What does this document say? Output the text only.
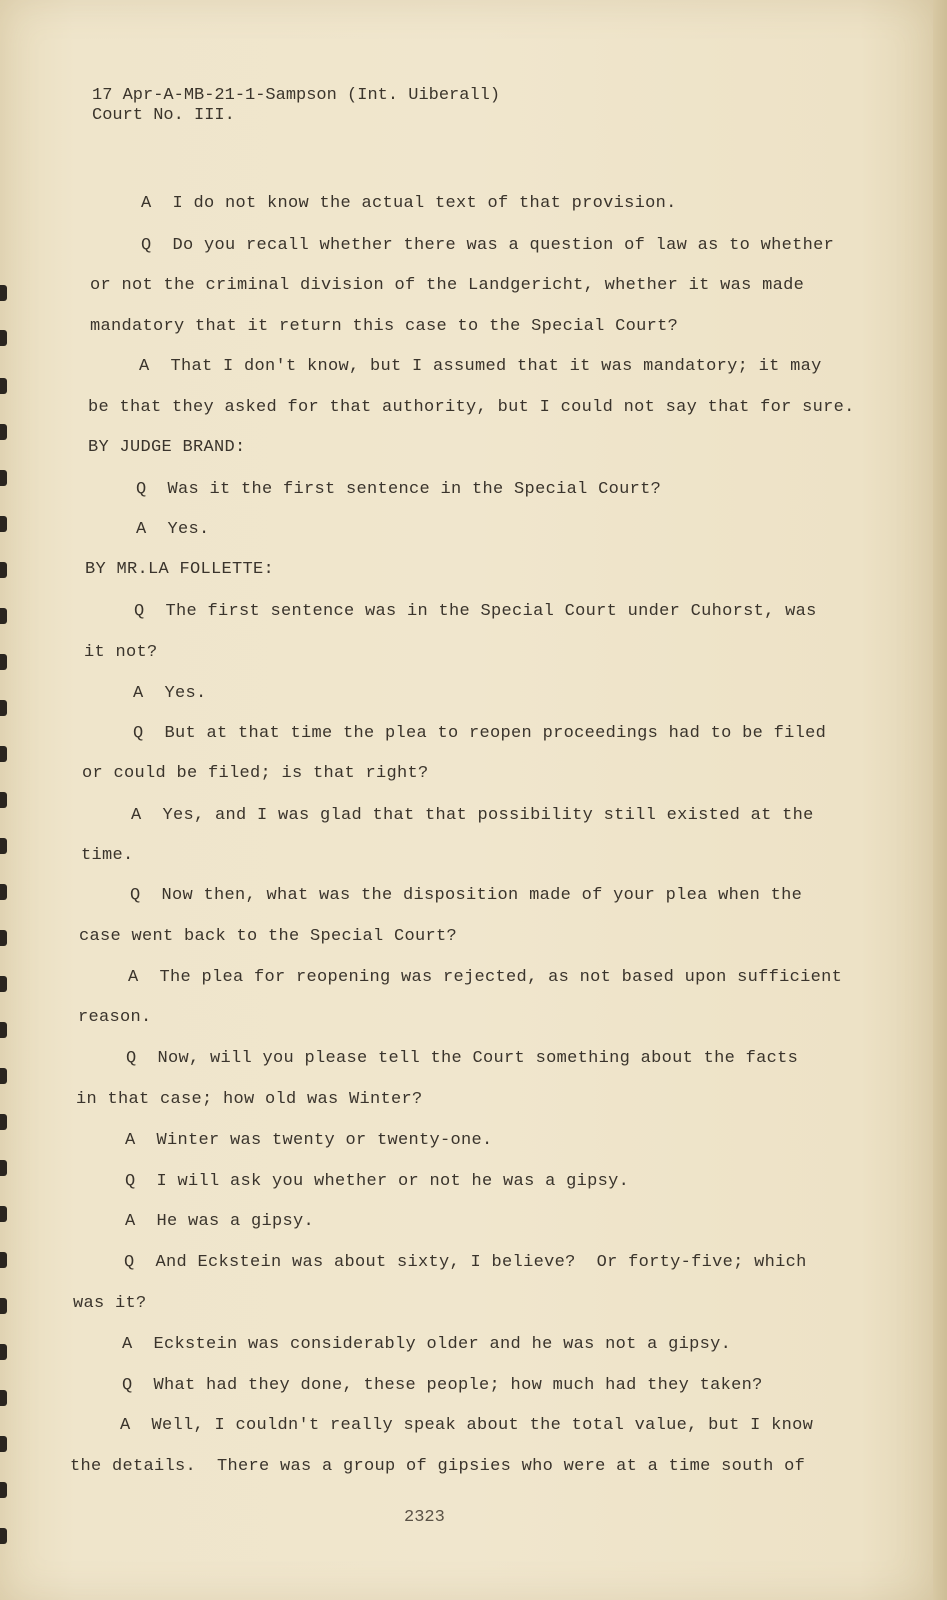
17 Apr-A-MB-21-1-Sampson (Int. Uiberall)
Court No. III.
A  I do not know the actual text of that provision.
Q  Do you recall whether there was a question of law as to whether
or not the criminal division of the Landgericht, whether it was made
mandatory that it return this case to the Special Court?
A  That I don't know, but I assumed that it was mandatory; it may
be that they asked for that authority, but I could not say that for sure.
BY JUDGE BRAND:
Q  Was it the first sentence in the Special Court?
A  Yes.
BY MR.LA FOLLETTE:
Q  The first sentence was in the Special Court under Cuhorst, was
it not?
A  Yes.
Q  But at that time the plea to reopen proceedings had to be filed
or could be filed; is that right?
A  Yes, and I was glad that that possibility still existed at the
time.
Q  Now then, what was the disposition made of your plea when the
case went back to the Special Court?
A  The plea for reopening was rejected, as not based upon sufficient
reason.
Q  Now, will you please tell the Court something about the facts
in that case; how old was Winter?
A  Winter was twenty or twenty-one.
Q  I will ask you whether or not he was a gipsy.
A  He was a gipsy.
Q  And Eckstein was about sixty, I believe?  Or forty-five; which
was it?
A  Eckstein was considerably older and he was not a gipsy.
Q  What had they done, these people; how much had they taken?
A  Well, I couldn't really speak about the total value, but I know
the details.  There was a group of gipsies who were at a time south of
2323
